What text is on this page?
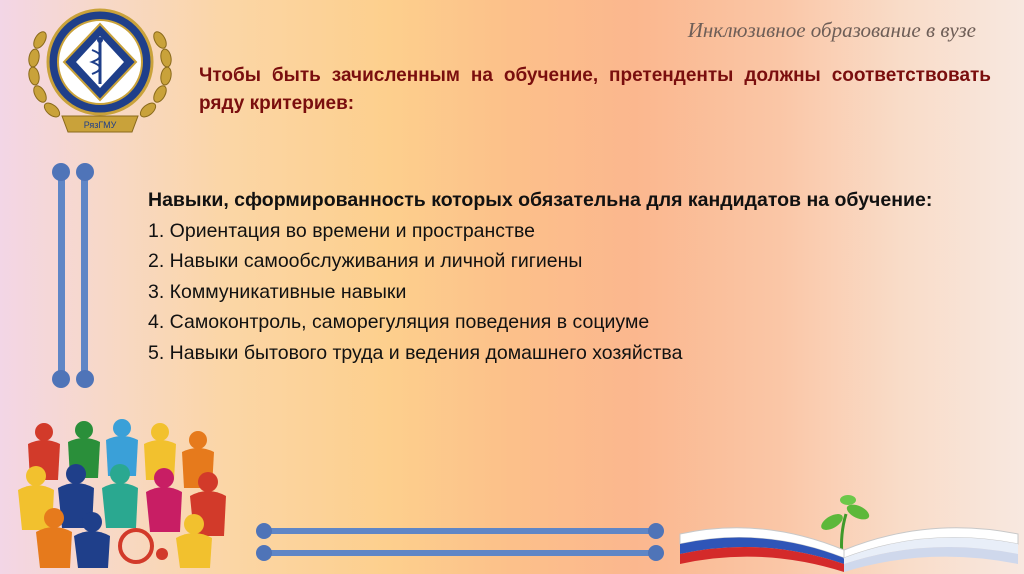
РязГМУ
Инклюзивное образование в вузе
Чтобы быть зачисленным на обучение, претенденты должны соответствовать ряду критериев:
Навыки, сформированность которых обязательна для кандидатов на обучение:
1. Ориентация во времени и пространстве
2. Навыки самообслуживания и личной гигиены
3. Коммуникативные навыки
4. Самоконтроль, саморегуляция поведения в социуме
5. Навыки бытового труда и ведения домашнего хозяйства
